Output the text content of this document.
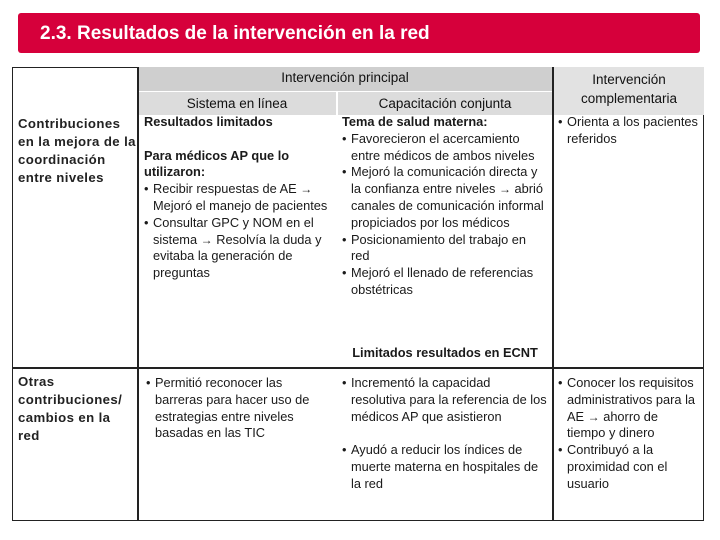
2.3. Resultados de la intervención en la red
Intervención principal
Sistema en línea	Capacitación conjunta
Intervención
complementaria
Contribuciones en la mejora de la coordinación entre niveles

Resultados limitados

Para médicos AP que lo utilizaron:

• Recibir respuestas de AE → Mejoró el manejo de pacientes

• Consultar GPC y NOM en el sistema → Resolvía la duda y evitaba la generación de preguntas

Tema de salud materna:

• Favorecieron el acercamiento entre médicos de ambos niveles

• Mejoró la comunicación directa y la confianza entre niveles → abrió canales de comunicación informal propiciados por los médicos

• Posicionamiento del trabajo en red

• Mejoró el llenado de referencias obstétricas

Limitados resultados en ECNT

• Orienta a los pacientes referidos

Otras contribuciones/ cambios en la red

• Permitió reconocer las barreras para hacer uso de estrategias entre niveles basadas en las TIC

• Incrementó la capacidad resolutiva para la referencia de los médicos AP que asistieron

• Ayudó a reducir los índices de muerte materna en hospitales de la red

• Conocer los requisitos administrativos para la AE → ahorro de tiempo y dinero

• Contribuyó a la proximidad con el usuario
